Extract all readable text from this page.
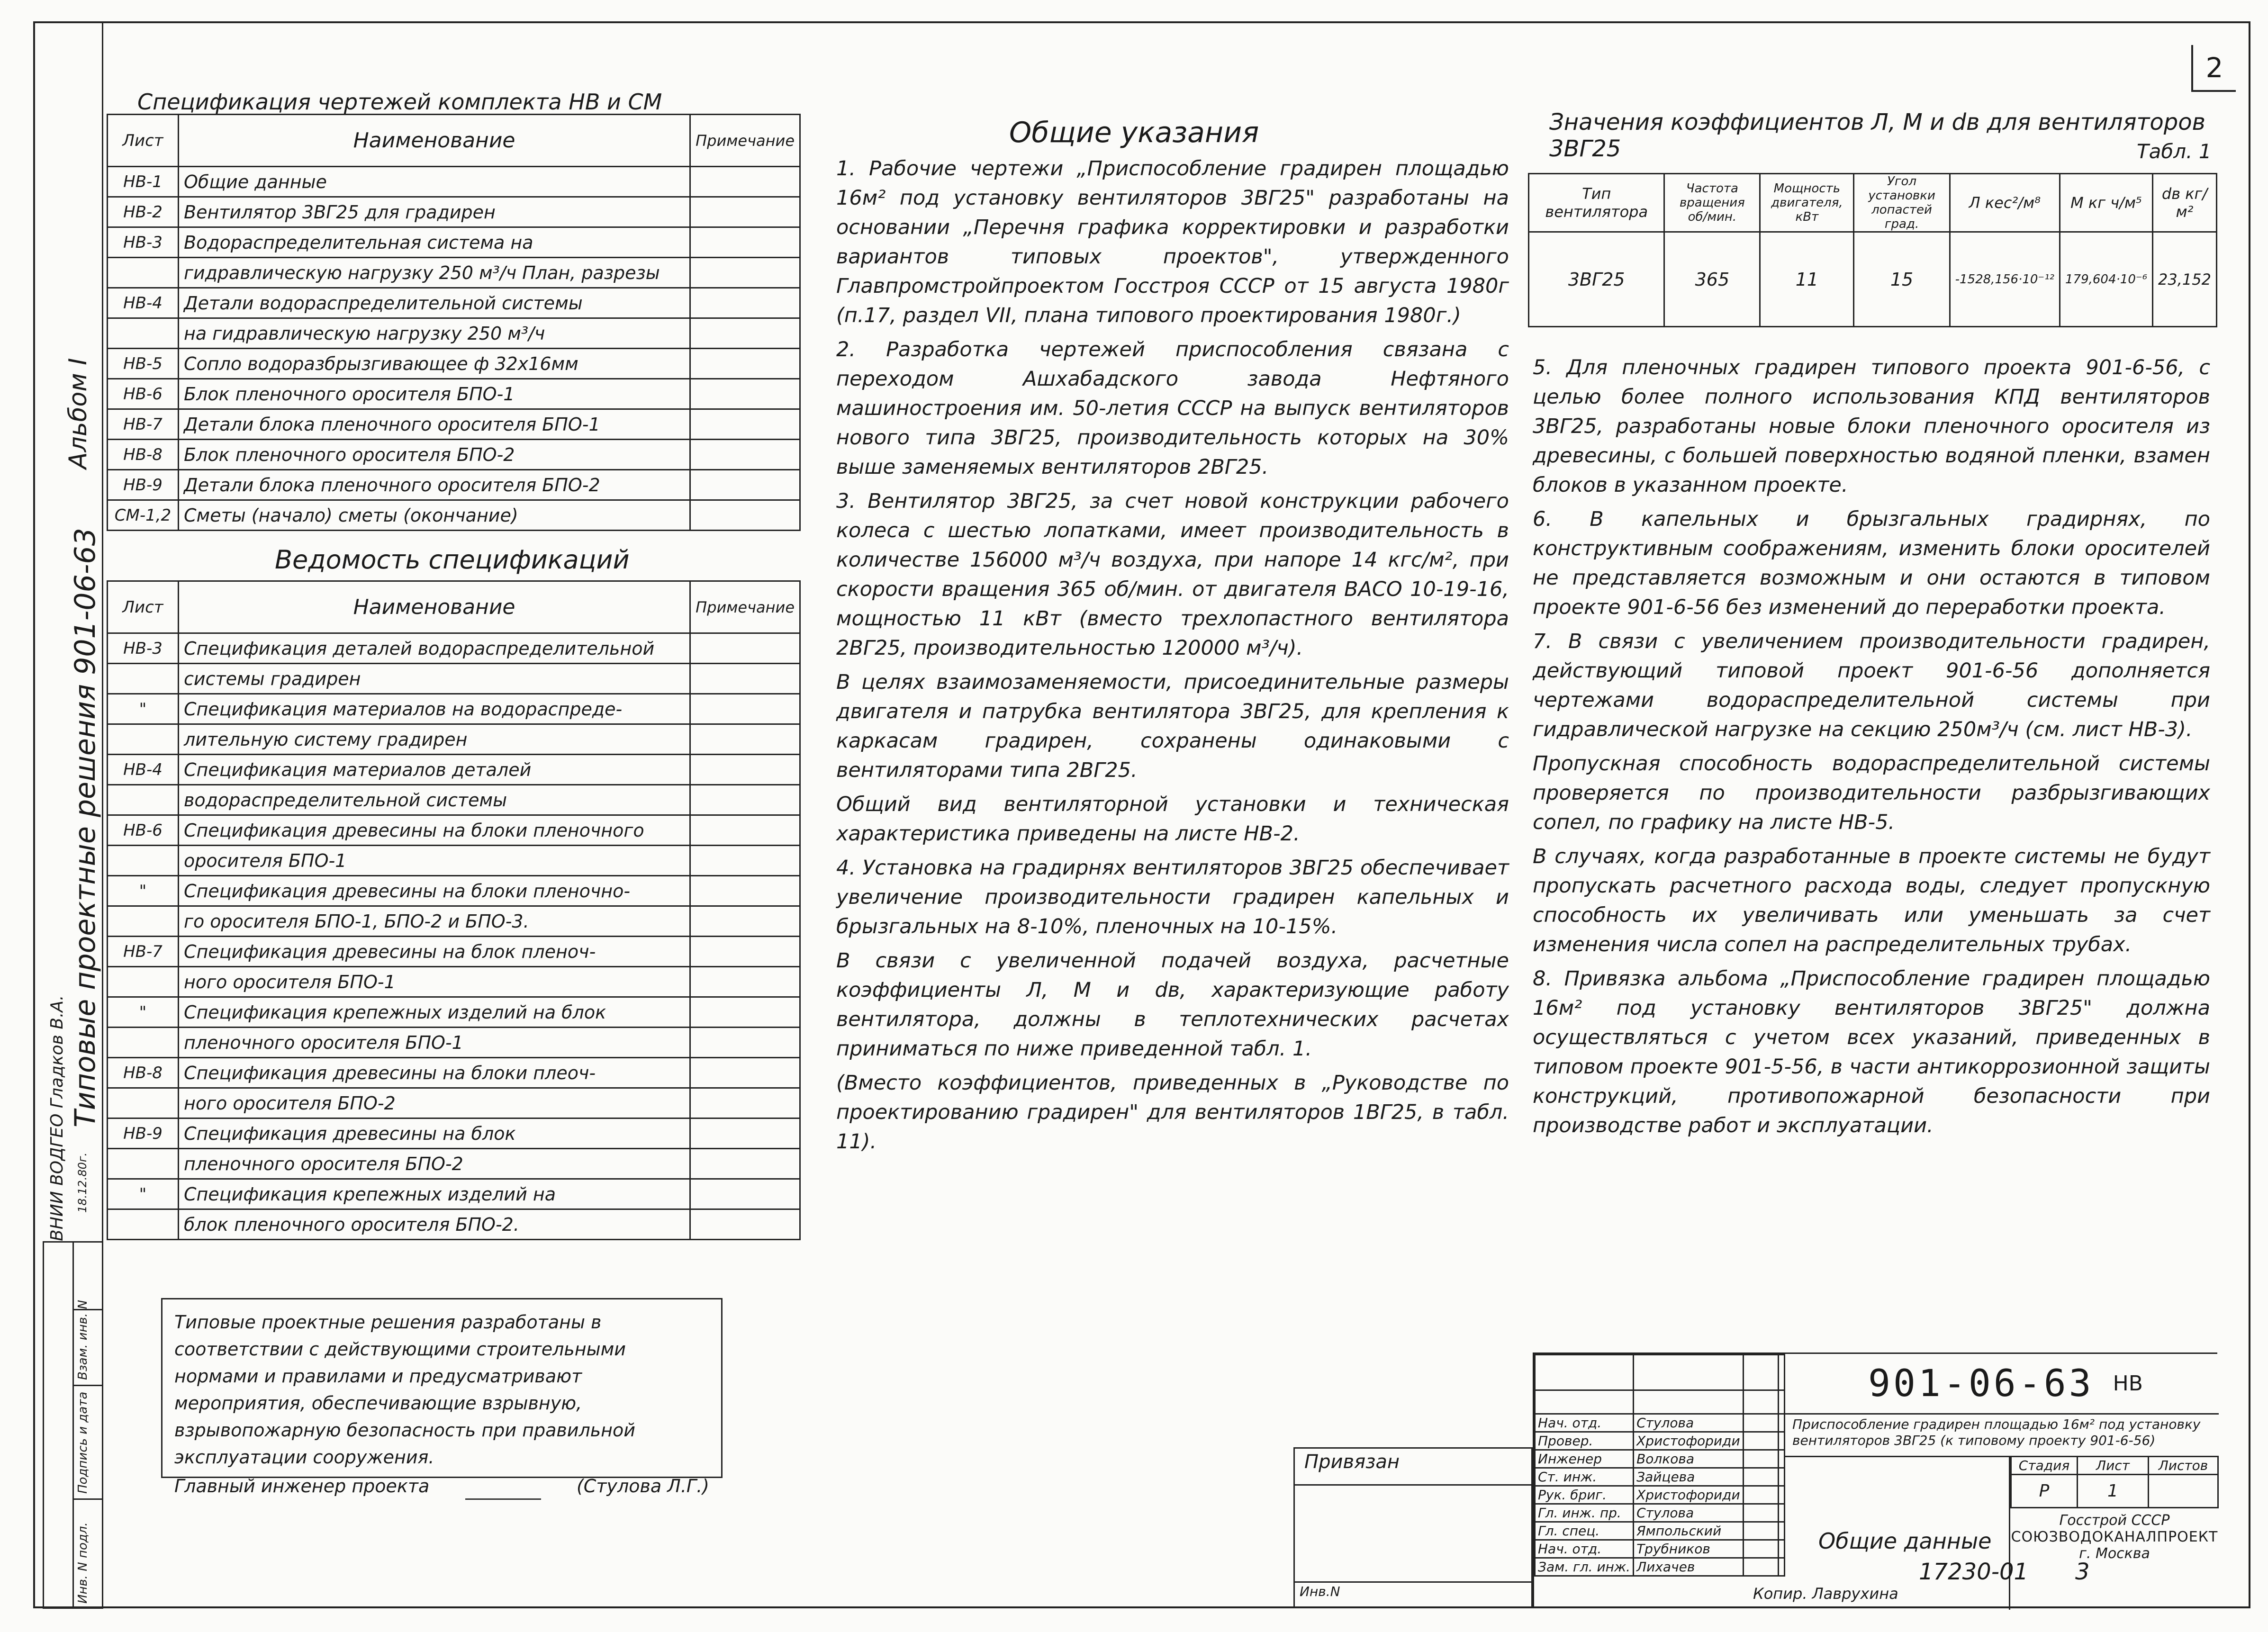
2
Альбом I
Типовые проектные решения 901-06-63
ВНИИ ВОДГЕО Гладков В.А. 18.12.80г.
Инв. N подл.
Подпись и дата
Взам. инв. N
Спецификация чертежей комплекта НВ и СМ
Лист	Наименование	Примечание
НВ-1	Общие данные	
НВ-2	Вентилятор 3ВГ25 для градирен	
НВ-3	Водораспределительная система на	
	гидравлическую нагрузку 250 м³/ч План, разрезы	
НВ-4	Детали водораспределительной системы	
	на гидравлическую нагрузку 250 м³/ч	
НВ-5	Сопло водоразбрызгивающее ф 32х16мм	
НВ-6	Блок пленочного оросителя БПО-1	
НВ-7	Детали блока пленочного оросителя БПО-1	
НВ-8	Блок пленочного оросителя БПО-2	
НВ-9	Детали блока пленочного оросителя БПО-2	
СМ-1,2	Сметы (начало) сметы (окончание)	
Ведомость спецификаций
Лист	Наименование	Примечание
НВ-3	Спецификация деталей водораспределительной	
	системы градирен	
"	Спецификация материалов на водораспреде-	
	лительную систему градирен	
НВ-4	Спецификация материалов деталей	
	водораспределительной системы	
НВ-6	Спецификация древесины на блоки пленочного	
	оросителя БПО-1	
"	Спецификация древесины на блоки пленочно-	
	го оросителя БПО-1, БПО-2 и БПО-3.	
НВ-7	Спецификация древесины на блок пленоч-	
	ного оросителя БПО-1	
"	Спецификация крепежных изделий на блок	
	пленочного оросителя БПО-1	
НВ-8	Спецификация древесины на блоки плеоч-	
	ного оросителя БПО-2	
НВ-9	Спецификация древесины на блок	
	пленочного оросителя БПО-2	
"	Спецификация крепежных изделий на	
	блок пленочного оросителя БПО-2.	
Типовые проектные решения разработаны в соответствии с действующими строительными нормами и правилами и предусматривают мероприятия, обеспечивающие взрывную, взрывопожарную безопасность при правильной эксплуатации сооружения.
Главный инженер проекта	(Стулова Л.Г.)
Общие указания

1. Рабочие чертежи „Приспособление градирен площадью 16м² под установку вентиляторов 3ВГ25" разработаны на основании „Перечня графика корректировки и разработки вариантов типовых проектов", утвержденного Главпромстройпроектом Госстроя СССР от 15 августа 1980г (п.17, раздел VII, плана типового проектирования 1980г.)

2. Разработка чертежей приспособления связана с переходом Ашхабадского завода Нефтяного машиностроения им. 50-летия СССР на выпуск вентиляторов нового типа 3ВГ25, производительность которых на 30% выше заменяемых вентиляторов 2ВГ25.

3. Вентилятор 3ВГ25, за счет новой конструкции рабочего колеса с шестью лопатками, имеет производительность в количестве 156000 м³/ч воздуха, при напоре 14 кгс/м², при скорости вращения 365 об/мин. от двигателя ВАСО 10-19-16, мощностью 11 кВт (вместо трехлопастного вентилятора 2ВГ25, производительностью 120000 м³/ч).

В целях взаимозаменяемости, присоединительные размеры двигателя и патрубка вентилятора 3ВГ25, для крепления к каркасам градирен, сохранены одинаковыми с вентиляторами типа 2ВГ25.

Общий вид вентиляторной установки и техническая характеристика приведены на листе НВ-2.

4. Установка на градирнях вентиляторов 3ВГ25 обеспечивает увеличение производительности градирен капельных и брызгальных на 8-10%, пленочных на 10-15%.

В связи с увеличенной подачей воздуха, расчетные коэффициенты Л, М и dв, характеризующие работу вентилятора, должны в теплотехнических расчетах приниматься по ниже приведенной табл. 1.

(Вместо коэффициентов, приведенных в „Руководстве по проектированию градирен" для вентиляторов 1ВГ25, в табл. 11).

Значения коэффициентов Л, М и dв для вентиляторов 3ВГ25	Табл. 1
Тип вентилятора	Частота вращения об/мин.	Мощность двигателя, кВт	Угол установки лопастей град.	Л кес²/м⁸	М кг ч/м⁵	dв кг/м²
3ВГ25	365	11	15	-1528,156·10⁻¹²	179,604·10⁻⁶	23,152

5. Для пленочных градирен типового проекта 901-6-56, с целью более полного использования КПД вентиляторов 3ВГ25, разработаны новые блоки пленочного оросителя из древесины, с большей поверхностью водяной пленки, взамен блоков в указанном проекте.

6. В капельных и брызгальных градирнях, по конструктивным соображениям, изменить блоки оросителей не представляется возможным и они остаются в типовом проекте 901-6-56 без изменений до переработки проекта.

7. В связи с увеличением производительности градирен, действующий типовой проект 901-6-56 дополняется чертежами водораспределительной системы при гидравлической нагрузке на секцию 250м³/ч (см. лист НВ-3).

Пропускная способность водораспределительной системы проверяется по производительности разбрызгивающих сопел, по графику на листе НВ-5.

В случаях, когда разработанные в проекте системы не будут пропускать расчетного расхода воды, следует пропускную способность их увеличивать или уменьшать за счет изменения числа сопел на распределительных трубах.

8. Привязка альбома „Приспособление градирен площадью 16м² под установку вентиляторов 3ВГ25" должна осуществляться с учетом всех указаний, приведенных в типовом проекте 901-5-56, в части антикоррозионной защиты конструкций, противопожарной безопасности при производстве работ и эксплуатации.

Привязан
Инв.N

Нач. отд.	Стулова		
Провер.	Христофориди		
Инженер	Волкова		
Ст. инж.	Зайцева		
Рук. бриг.	Христофориди		
Гл. инж. пр.	Стулова		
Гл. спец.	Ямпольский		
Нач. отд.	Трубников		
Зам. гл. инж.	Лихачев		
901-06-63 НВ
Приспособление градирен площадью 16м² под установку вентиляторов 3ВГ25 (к типовому проекту 901-6-56)
Общие данные
Стадия	Лист	Листов
Р	1	
Госстрой СССР
СОЮЗВОДОКАНАЛПРОЕКТ
г. Москва
17230-01 3
Копир. Лаврухина
